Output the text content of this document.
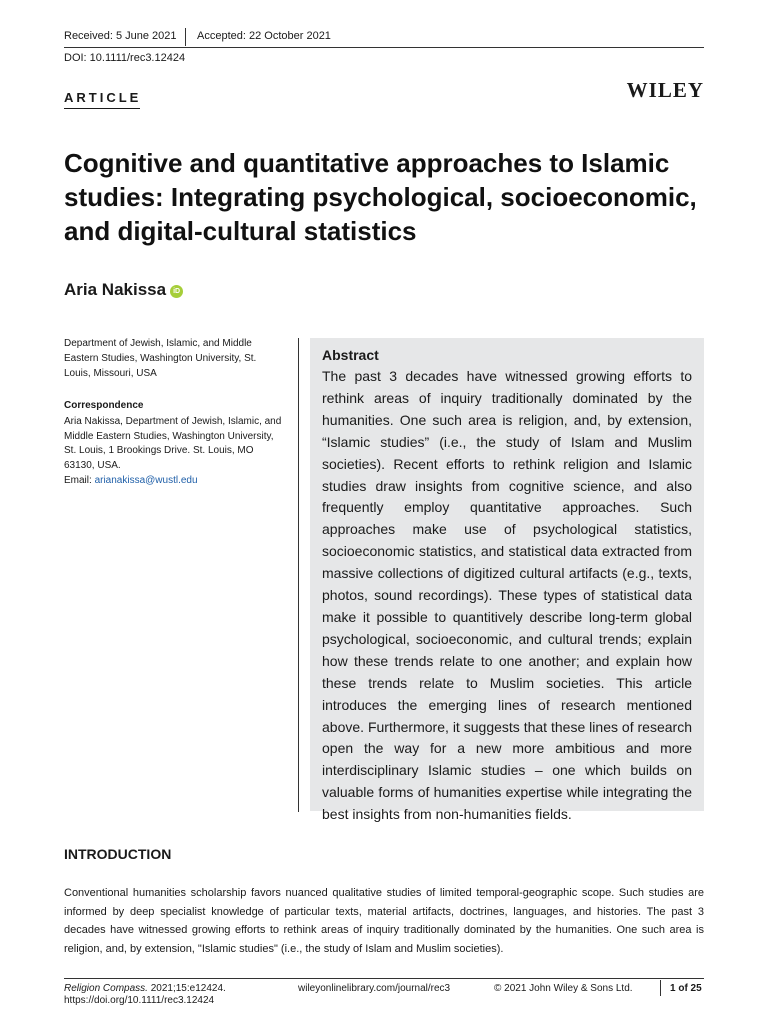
Received: 5 June 2021 Accepted: 22 October 2021
DOI: 10.1111/rec3.12424
ARTICLE	WILEY
Cognitive and quantitative approaches to Islamic studies: Integrating psychological, socioeconomic, and digital-cultural statistics
Aria Nakissa iD
Department of Jewish, Islamic, and Middle Eastern Studies, Washington University, St. Louis, Missouri, USA
Correspondence
Aria Nakissa, Department of Jewish, Islamic, and Middle Eastern Studies, Washington University, St. Louis, 1 Brookings Drive. St. Louis, MO 63130, USA.
Email: arianakissa@wustl.edu
Abstract
The past 3 decades have witnessed growing efforts to rethink areas of inquiry traditionally dominated by the humanities. One such area is religion, and, by extension, “Islamic studies” (i.e., the study of Islam and Muslim societies). Recent efforts to rethink religion and Islamic studies draw insights from cognitive science, and also frequently employ quantitative approaches. Such approaches make use of psychological statistics, socioeconomic statistics, and statistical data extracted from massive collections of digitized cultural artifacts (e.g., texts, photos, sound recordings). These types of statistical data make it possible to quantitively describe long-term global psychological, socioeconomic, and cultural trends; explain how these trends relate to one another; and explain how these trends relate to Muslim societies. This article introduces the emerging lines of research mentioned above. Furthermore, it suggests that these lines of research open the way for a new more ambitious and more interdisciplinary Islamic studies – one which builds on valuable forms of humanities expertise while integrating the best insights from non-humanities fields.
INTRODUCTION
Conventional humanities scholarship favors nuanced qualitative studies of limited temporal-geographic scope. Such studies are informed by deep specialist knowledge of particular texts, material artifacts, doctrines, languages, and histories. The past 3 decades have witnessed growing efforts to rethink areas of inquiry traditionally dominated by the humanities. One such area is religion, and, by extension, "Islamic studies" (i.e., the study of Islam and Muslim societies).
Religion Compass. 2021;15:e12424.
https://doi.org/10.1111/rec3.12424
wileyonlinelibrary.com/journal/rec3	© 2021 John Wiley & Sons Ltd.	1 of 25
